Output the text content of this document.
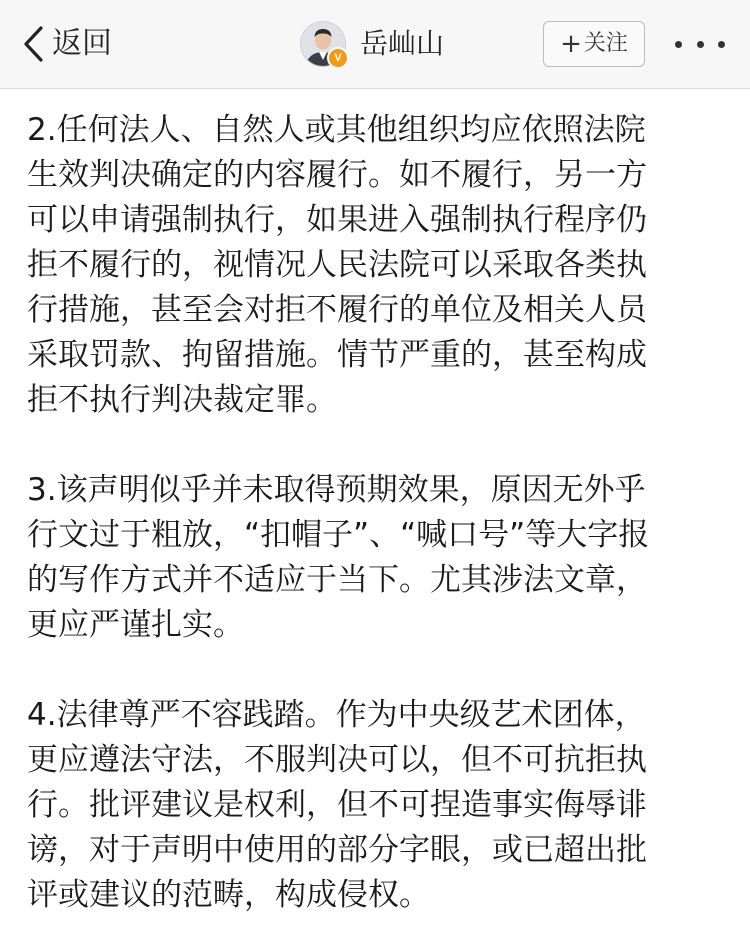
返回	V 岳屾山	+ 关注

2.任何法人、自然人或其他组织均应依照法院
生效判决确定的内容履行。如不履行，另一方
可以申请强制执行，如果进入强制执行程序仍
拒不履行的，视情况人民法院可以采取各类执
行措施，甚至会对拒不履行的单位及相关人员
采取罚款、拘留措施。情节严重的，甚至构成
拒不执行判决裁定罪。

3.该声明似乎并未取得预期效果，原因无外乎
行文过于粗放，“扣帽子”、“喊口号”等大字报
的写作方式并不适应于当下。尤其涉法文章，
更应严谨扎实。

4.法律尊严不容践踏。作为中央级艺术团体，
更应遵法守法，不服判决可以，但不可抗拒执
行。批评建议是权利，但不可捏造事实侮辱诽
谤，对于声明中使用的部分字眼，或已超出批
评或建议的范畴，构成侵权。
